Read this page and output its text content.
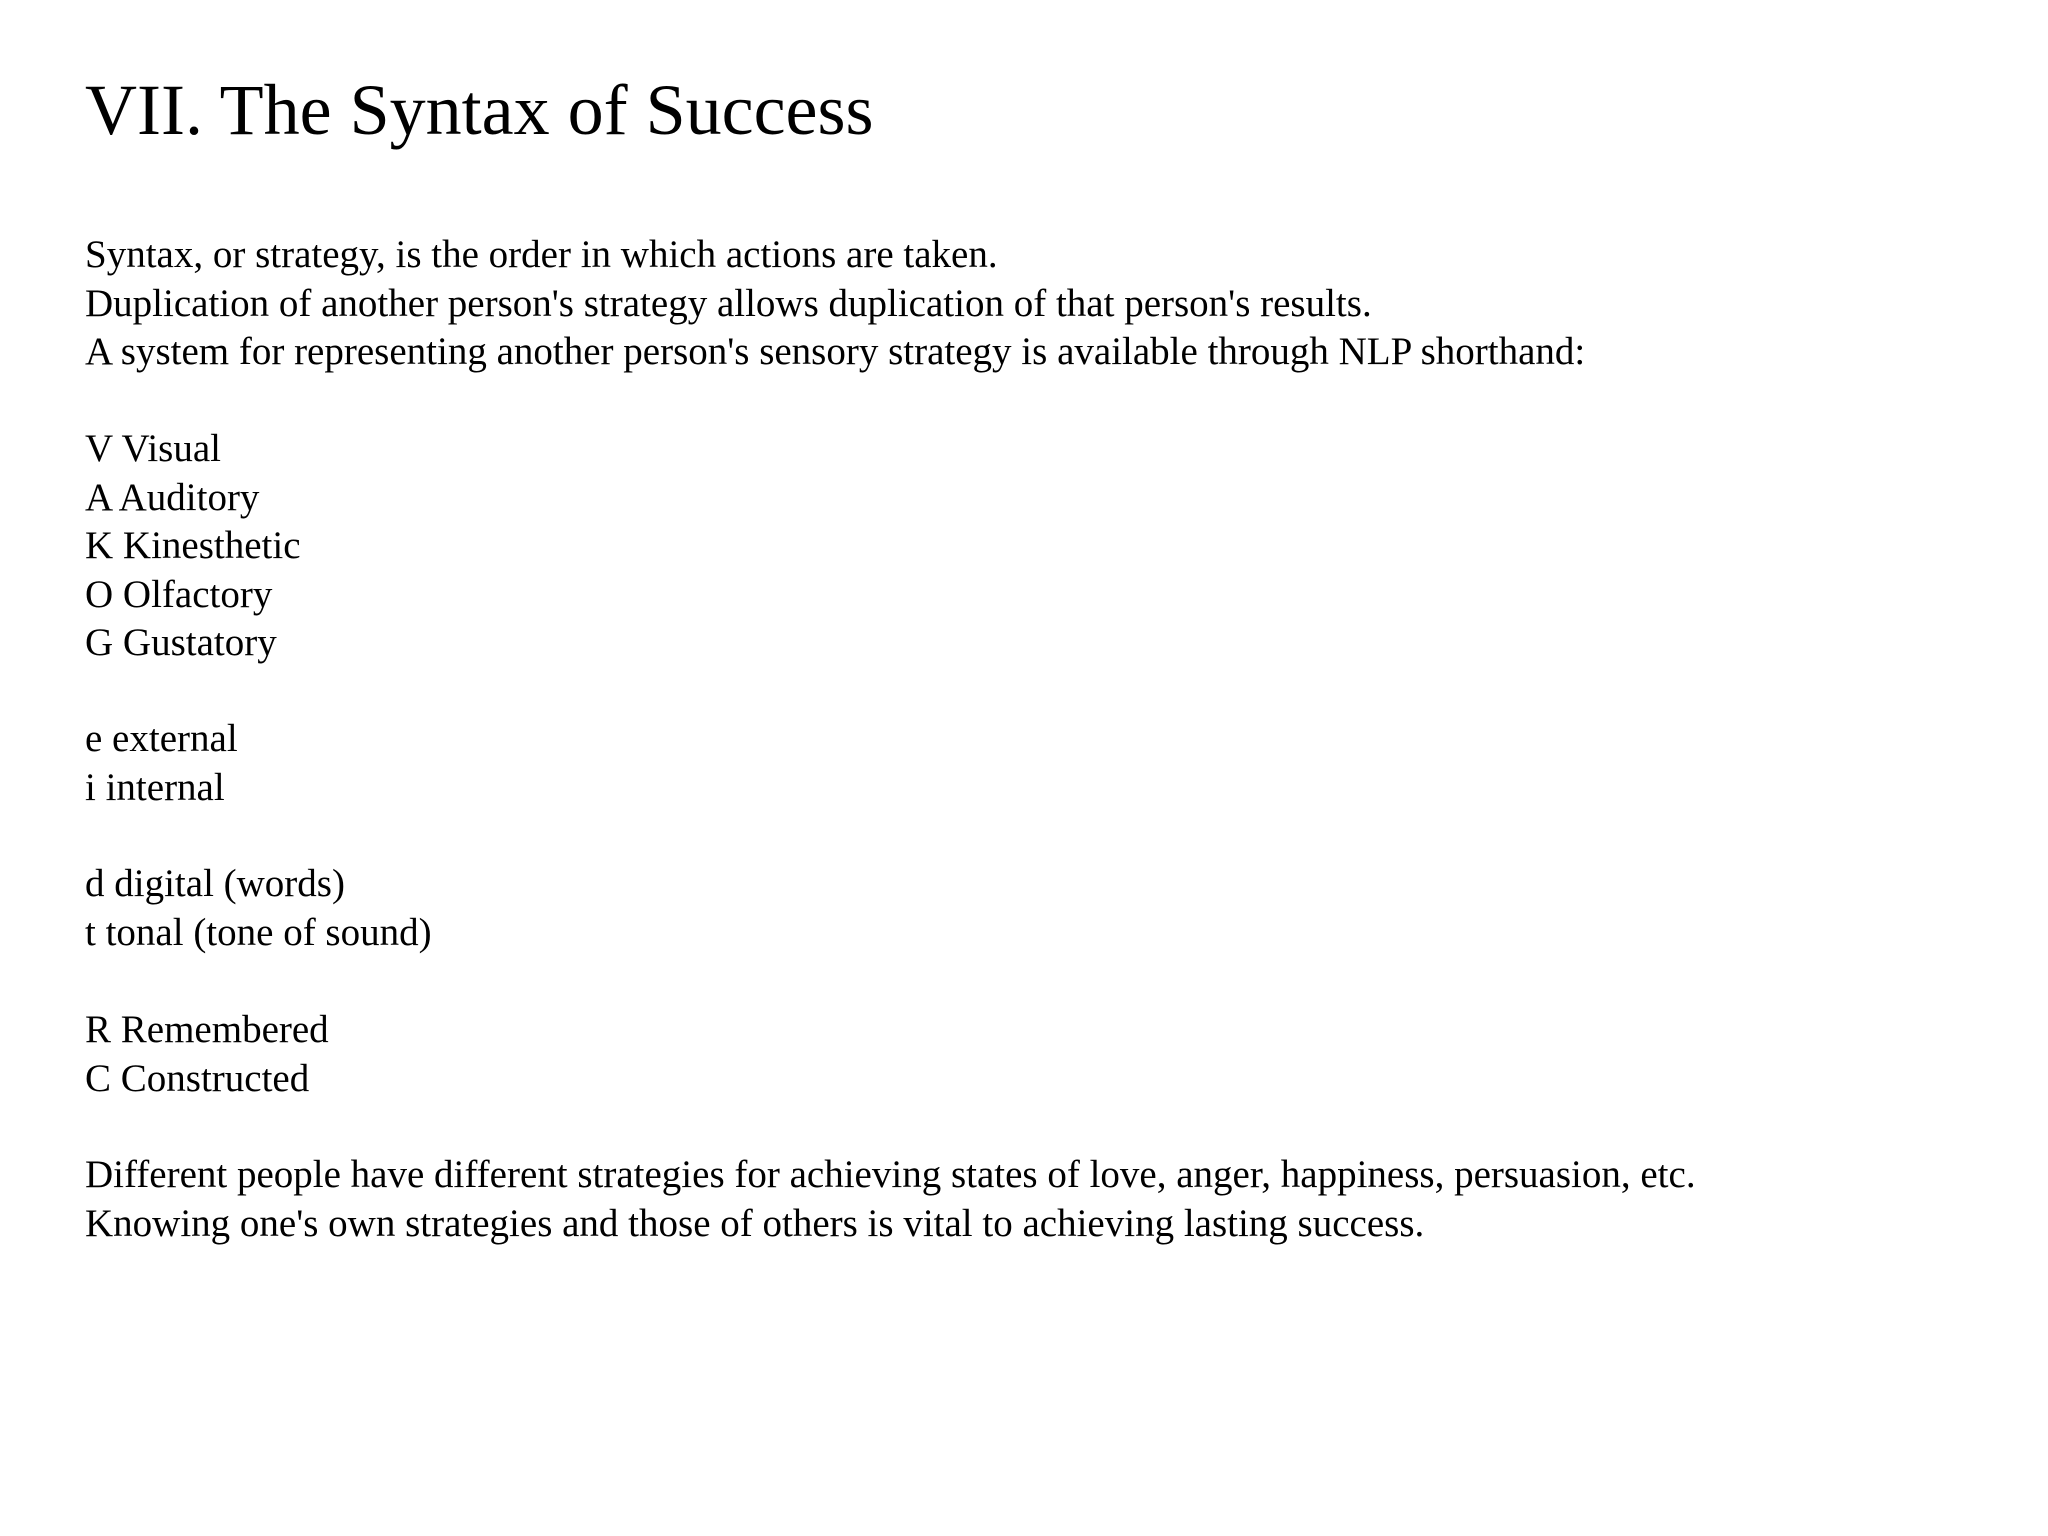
VII. The Syntax of Success
Syntax, or strategy, is the order in which actions are taken.
Duplication of another person's strategy allows duplication of that person's results.
A system for representing another person's sensory strategy is available through NLP shorthand:
V Visual
A Auditory
K Kinesthetic
O Olfactory
G Gustatory
e external
i internal
d digital (words)
t tonal (tone of sound)
R Remembered
C Constructed
Different people have different strategies for achieving states of love, anger, happiness, persuasion, etc.
Knowing one's own strategies and those of others is vital to achieving lasting success.
